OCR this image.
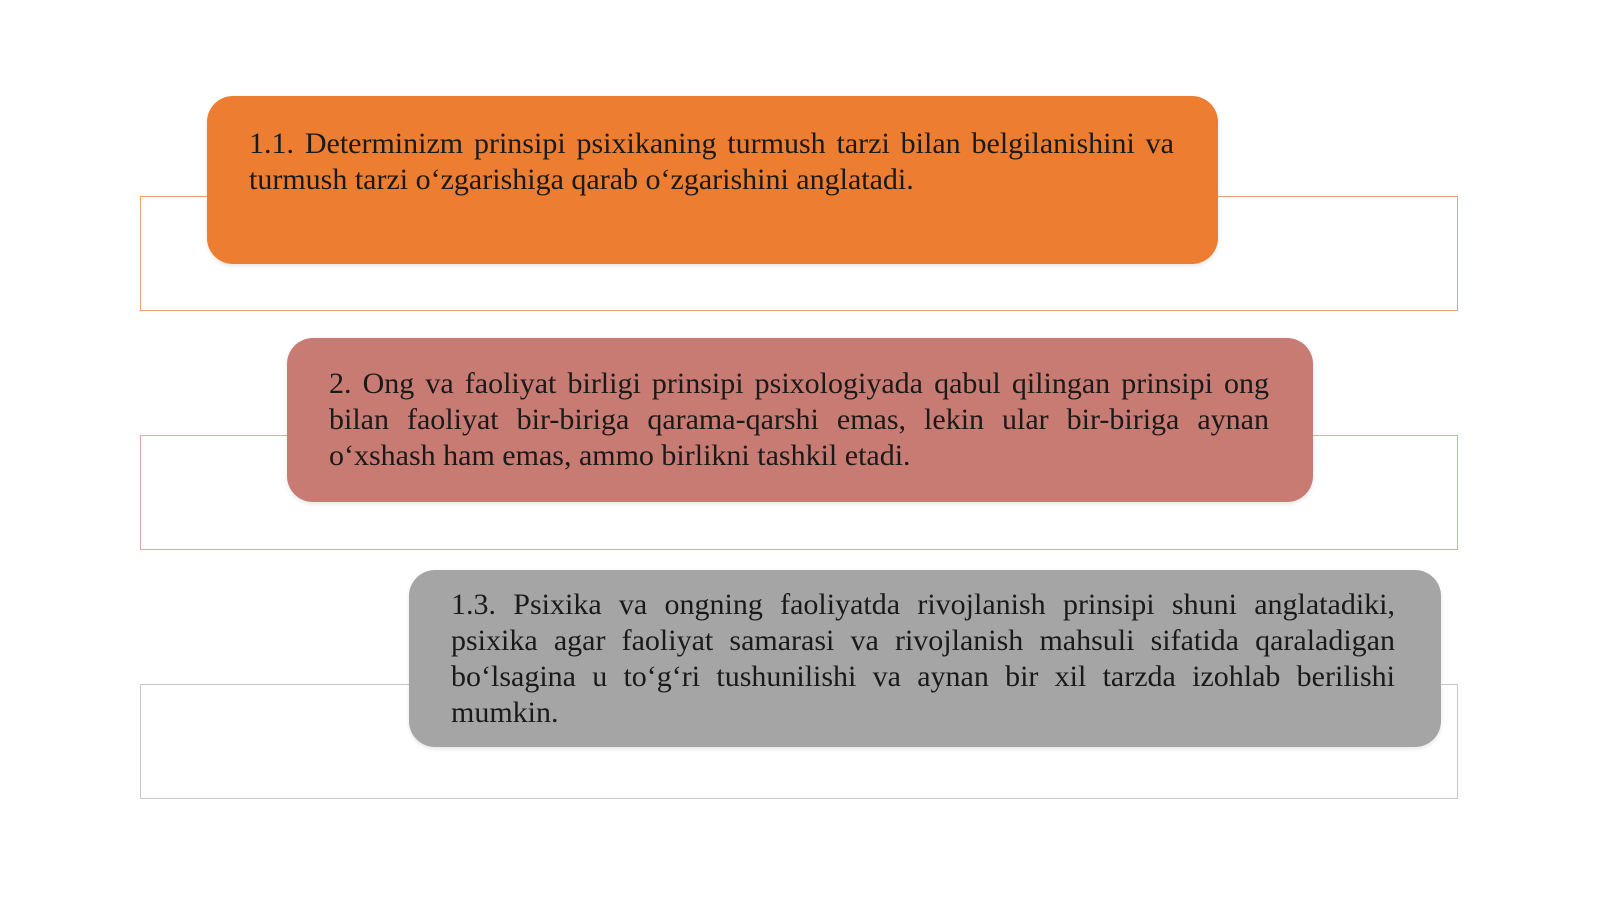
1.1. Determinizm prinsipi psixikaning turmush tarzi bilan belgilanishini va turmush tarzi o‘zgarishiga qarab o‘zgarishini anglatadi.

2. Ong va faoliyat birligi prinsipi psixologiyada qabul qilingan prinsipi ong bilan faoliyat bir-biriga qarama-qarshi emas, lekin ular bir-biriga aynan o‘xshash ham emas, ammo birlikni tashkil etadi.

1.3. Psixika va ongning faoliyatda rivojlanish prinsipi shuni anglatadiki, psixika agar faoliyat samarasi va rivojlanish mahsuli sifatida qaraladigan bo‘lsagina u to‘g‘ri tushunilishi va aynan bir xil tarzda izohlab berilishi mumkin.
